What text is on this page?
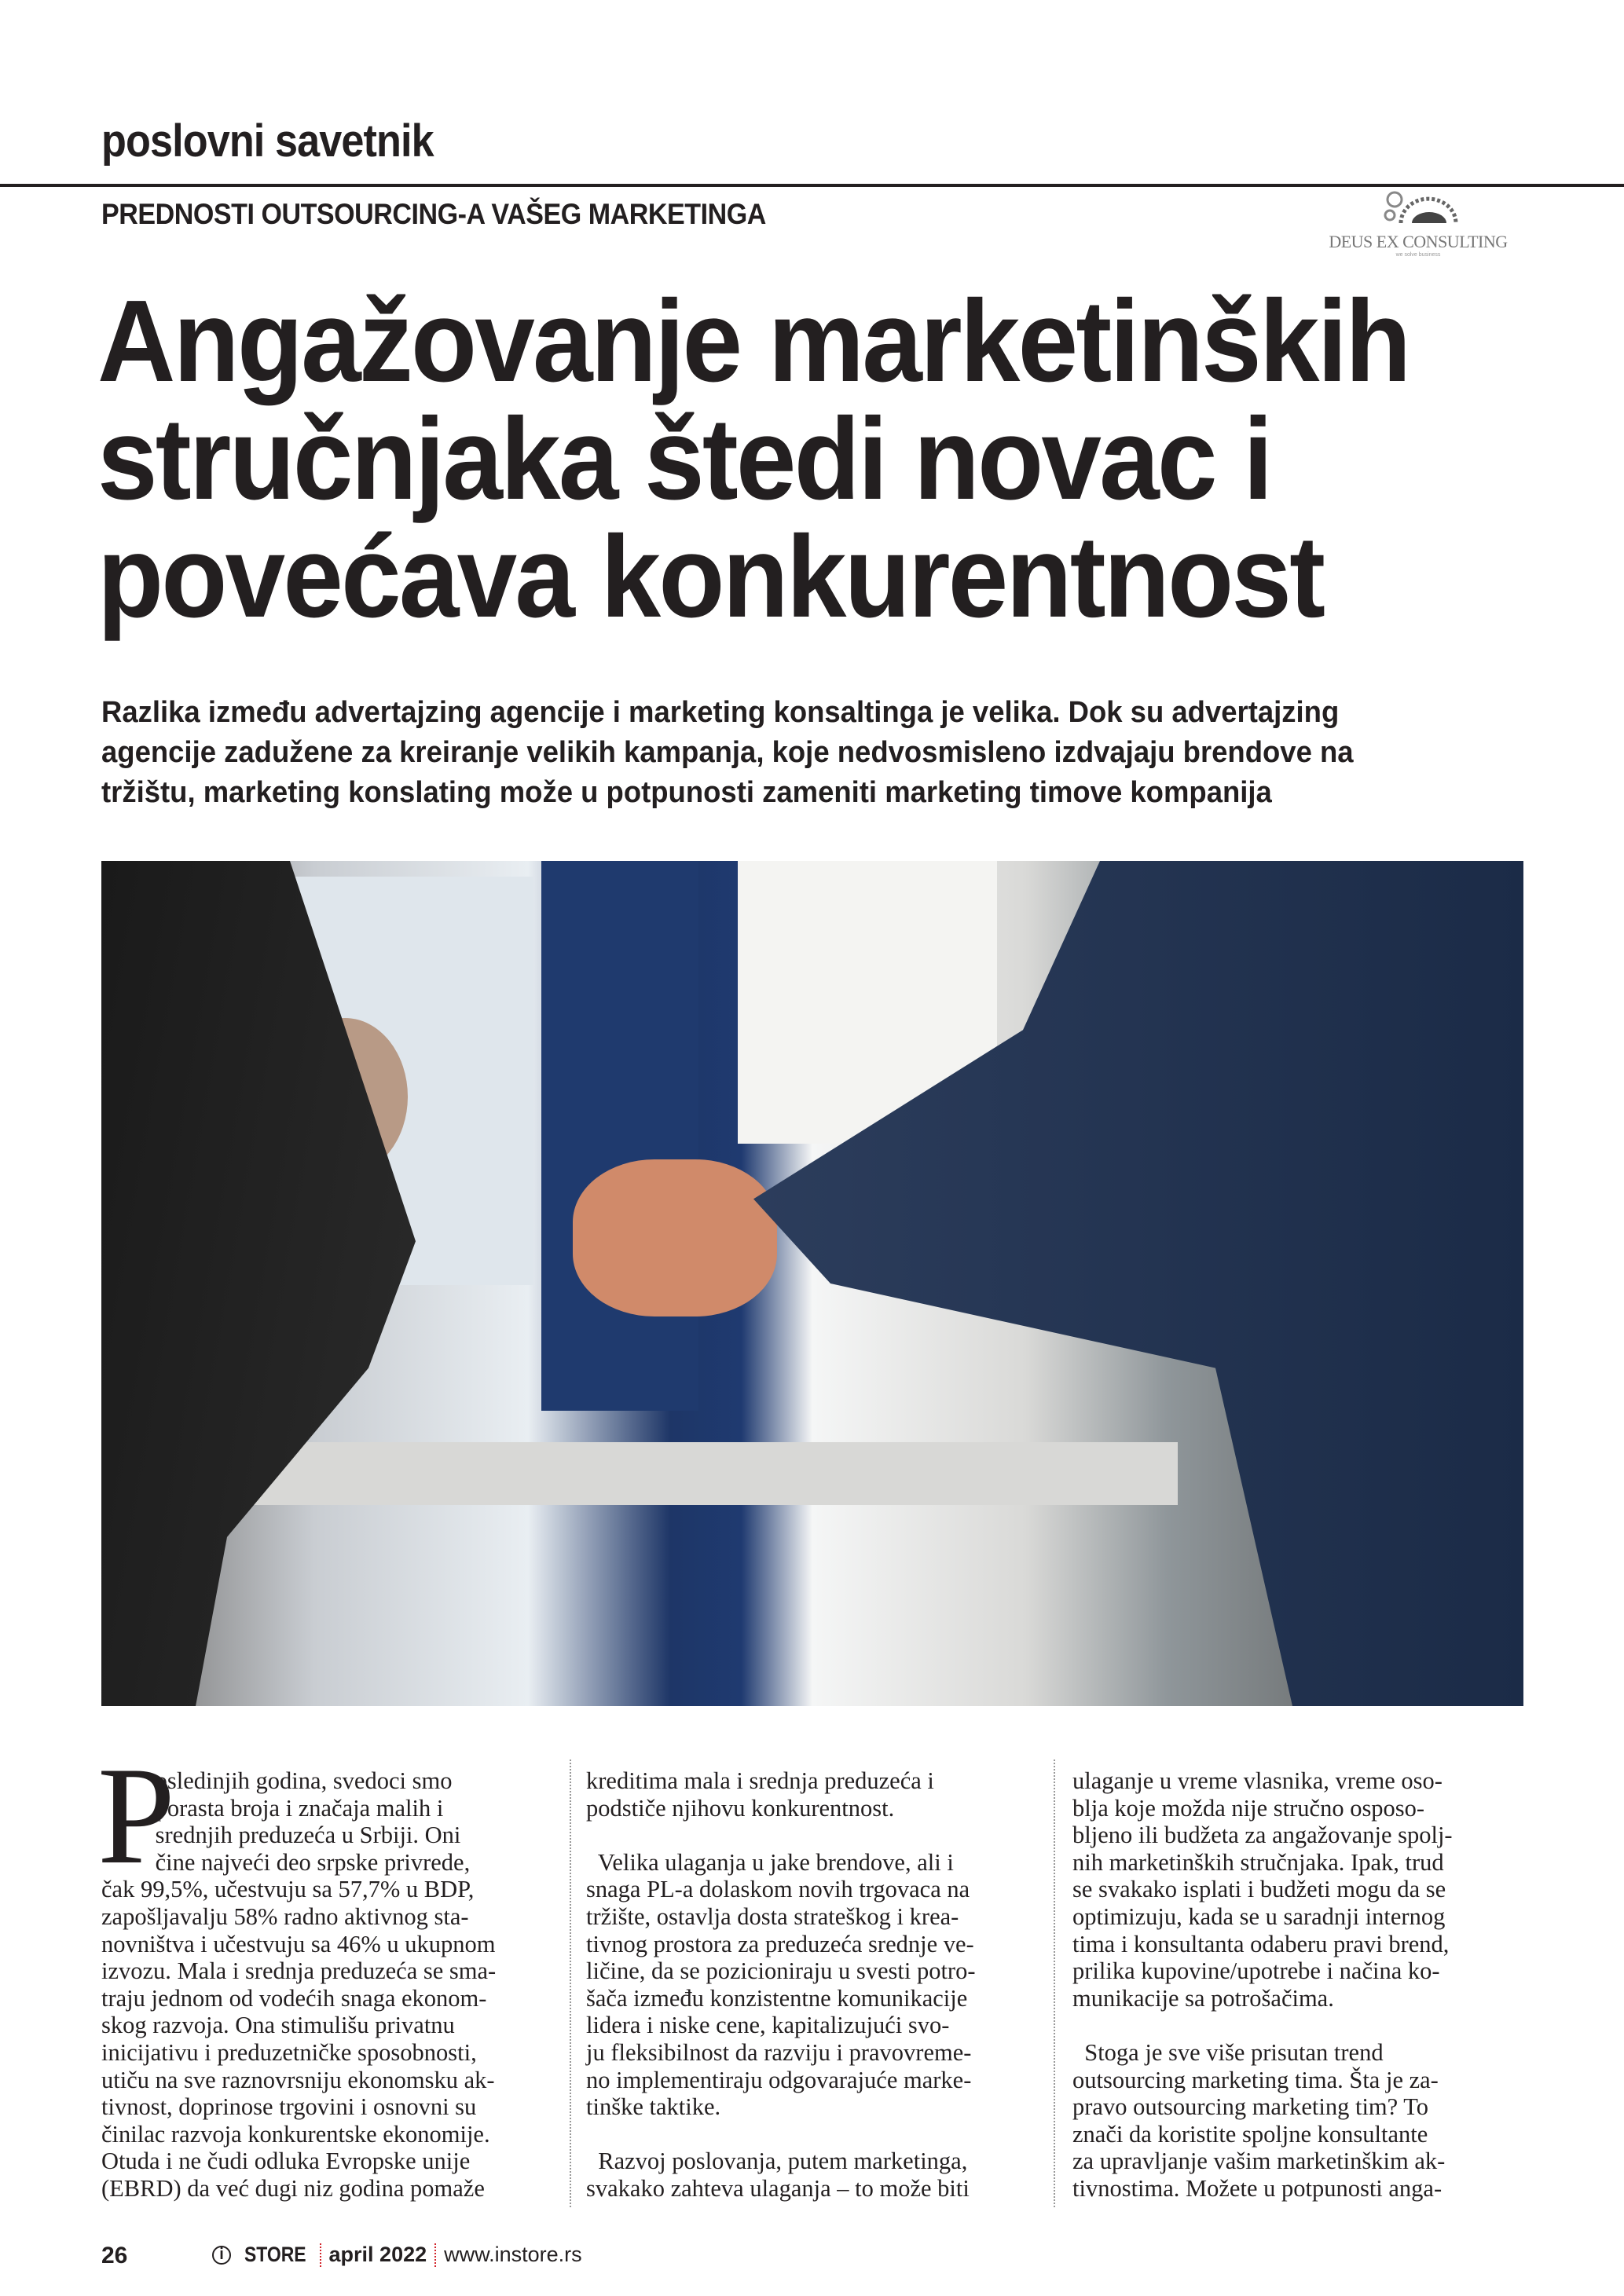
poslovni savetnik
PREDNOSTI OUTSOURCING-A VAŠEG MARKETINGA
DEUS EX CONSULTING
we solve business
Angažovanje marketinških
stručnjaka štedi novac i
povećava konkurentnost
Razlika između advertajzing agencije i marketing konsaltinga je velika. Dok su advertajzing
agencije zadužene za kreiranje velikih kampanja, koje nedvosmisleno izdvajaju brendove na
tržištu, marketing konslating može u potpunosti zameniti marketing timove kompanija
P
osledinjih godina, svedoci smo
porasta broja i značaja malih i
srednjih preduzeća u Srbiji. Oni
čine najveći deo srpske privrede,
čak 99,5%, učestvuju sa 57,7% u BDP,
zapošljavalju 58% radno aktivnog sta-
novništva i učestvuju sa 46% u ukupnom
izvozu. Mala i srednja preduzeća se sma-
traju jednom od vodećih snaga ekonom-
skog razvoja. Ona stimulišu privatnu
inicijativu i preduzetničke sposobnosti,
utiču na sve raznovrsniju ekonomsku ak-
tivnost, doprinose trgovini i osnovni su
činilac razvoja konkurentske ekonomije.
Otuda i ne čudi odluka Evropske unije
(EBRD) da već dugi niz godina pomaže
kreditima mala i srednja preduzeća i
podstiče njihovu konkurentnost.
Velika ulaganja u jake brendove, ali i
snaga PL-a dolaskom novih trgovaca na
tržište, ostavlja dosta strateškog i krea-
tivnog prostora za preduzeća srednje ve-
ličine, da se pozicioniraju u svesti potro-
šača između konzistentne komunikacije
lidera i niske cene, kapitalizujući svo-
ju fleksibilnost da razviju i pravovreme-
no implementiraju odgovarajuće marke-
tinške taktike.
Razvoj poslovanja, putem marketinga,
svakako zahteva ulaganja – to može biti
ulaganje u vreme vlasnika, vreme oso-
blja koje možda nije stručno osposo-
bljeno ili budžeta za angažovanje spolj-
nih marketinških stručnjaka. Ipak, trud
se svakako isplati i budžeti mogu da se
optimizuju, kada se u saradnji internog
tima i konsultanta odaberu pravi brend,
prilika kupovine/upotrebe i načina ko-
munikacije sa potrošačima.
Stoga je sve više prisutan trend
outsourcing marketing tima. Šta je za-
pravo outsourcing marketing tim? To
znači da koristite spoljne konsultante
za upravljanje vašim marketinškim ak-
tivnostima. Možete u potpunosti anga-
26	i STORE april 2022 www.instore.rs
